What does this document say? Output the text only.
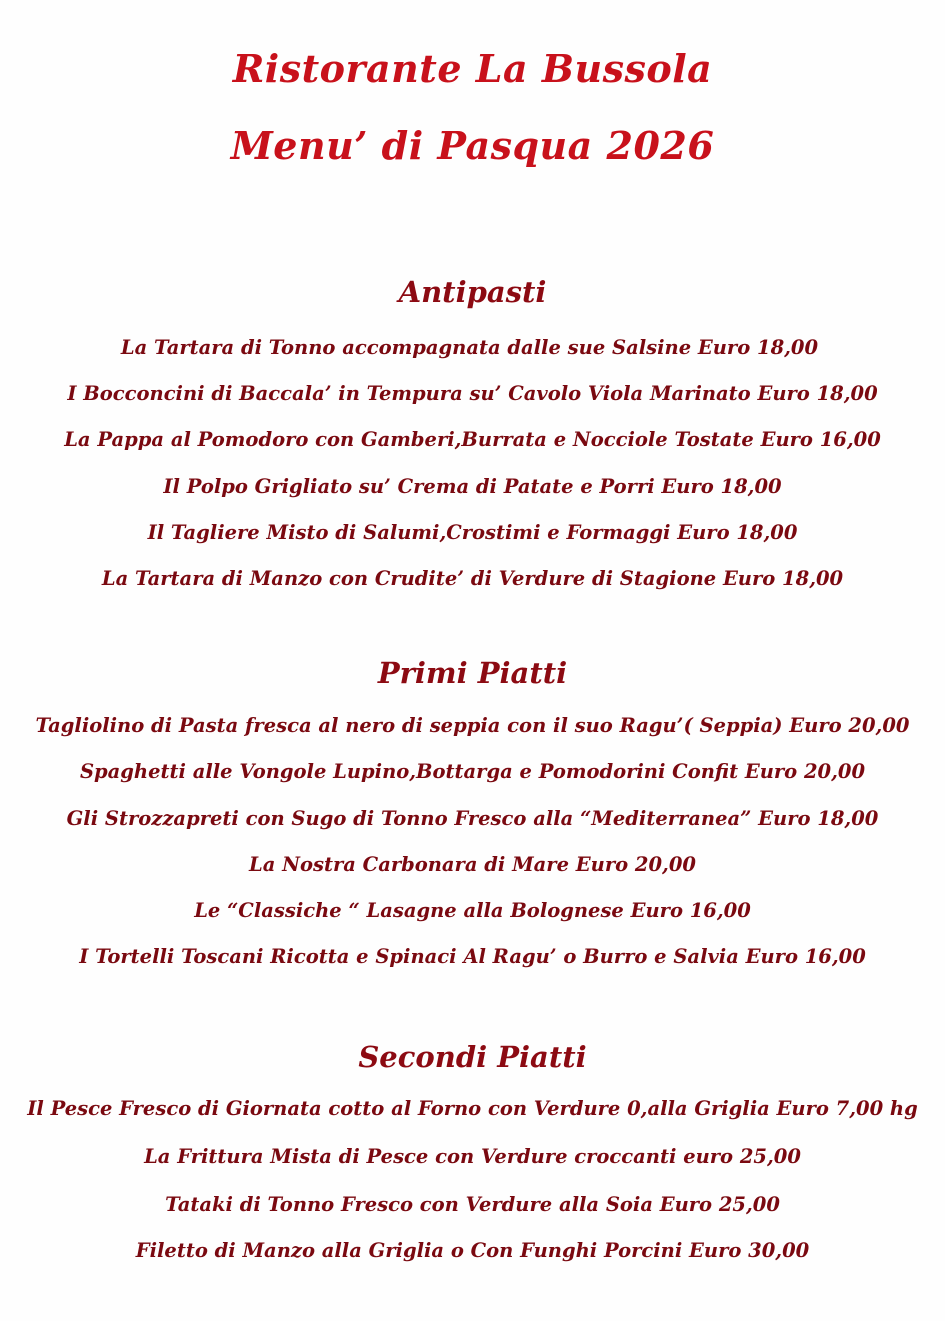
Ristorante La Bussola
Menu’ di Pasqua 2026
Antipasti
La Tartara di Tonno accompagnata dalle sue Salsine Euro 18,00
I Bocconcini di Baccala’ in Tempura su’ Cavolo Viola Marinato Euro 18,00
La Pappa al Pomodoro con Gamberi,Burrata e Nocciole Tostate Euro 16,00
Il Polpo Grigliato su’ Crema di Patate e Porri Euro 18,00
Il Tagliere Misto di Salumi,Crostimi e Formaggi Euro 18,00
La Tartara di Manzo con Crudite’ di Verdure di Stagione Euro 18,00
Primi Piatti
Tagliolino di Pasta fresca al nero di seppia con il suo Ragu’( Seppia) Euro 20,00
Spaghetti alle Vongole Lupino,Bottarga e Pomodorini Confit Euro 20,00
Gli Strozzapreti con Sugo di Tonno Fresco alla “Mediterranea” Euro 18,00
La Nostra Carbonara di Mare Euro 20,00
Le “Classiche “ Lasagne alla Bolognese Euro 16,00
I Tortelli Toscani Ricotta e Spinaci Al Ragu’ o Burro e Salvia Euro 16,00
Secondi Piatti
Il Pesce Fresco di Giornata cotto al Forno con Verdure 0,alla Griglia Euro 7,00 hg
La Frittura Mista di Pesce con Verdure croccanti euro 25,00
Tataki di Tonno Fresco con Verdure alla Soia Euro 25,00
Filetto di Manzo alla Griglia o Con Funghi Porcini Euro 30,00
